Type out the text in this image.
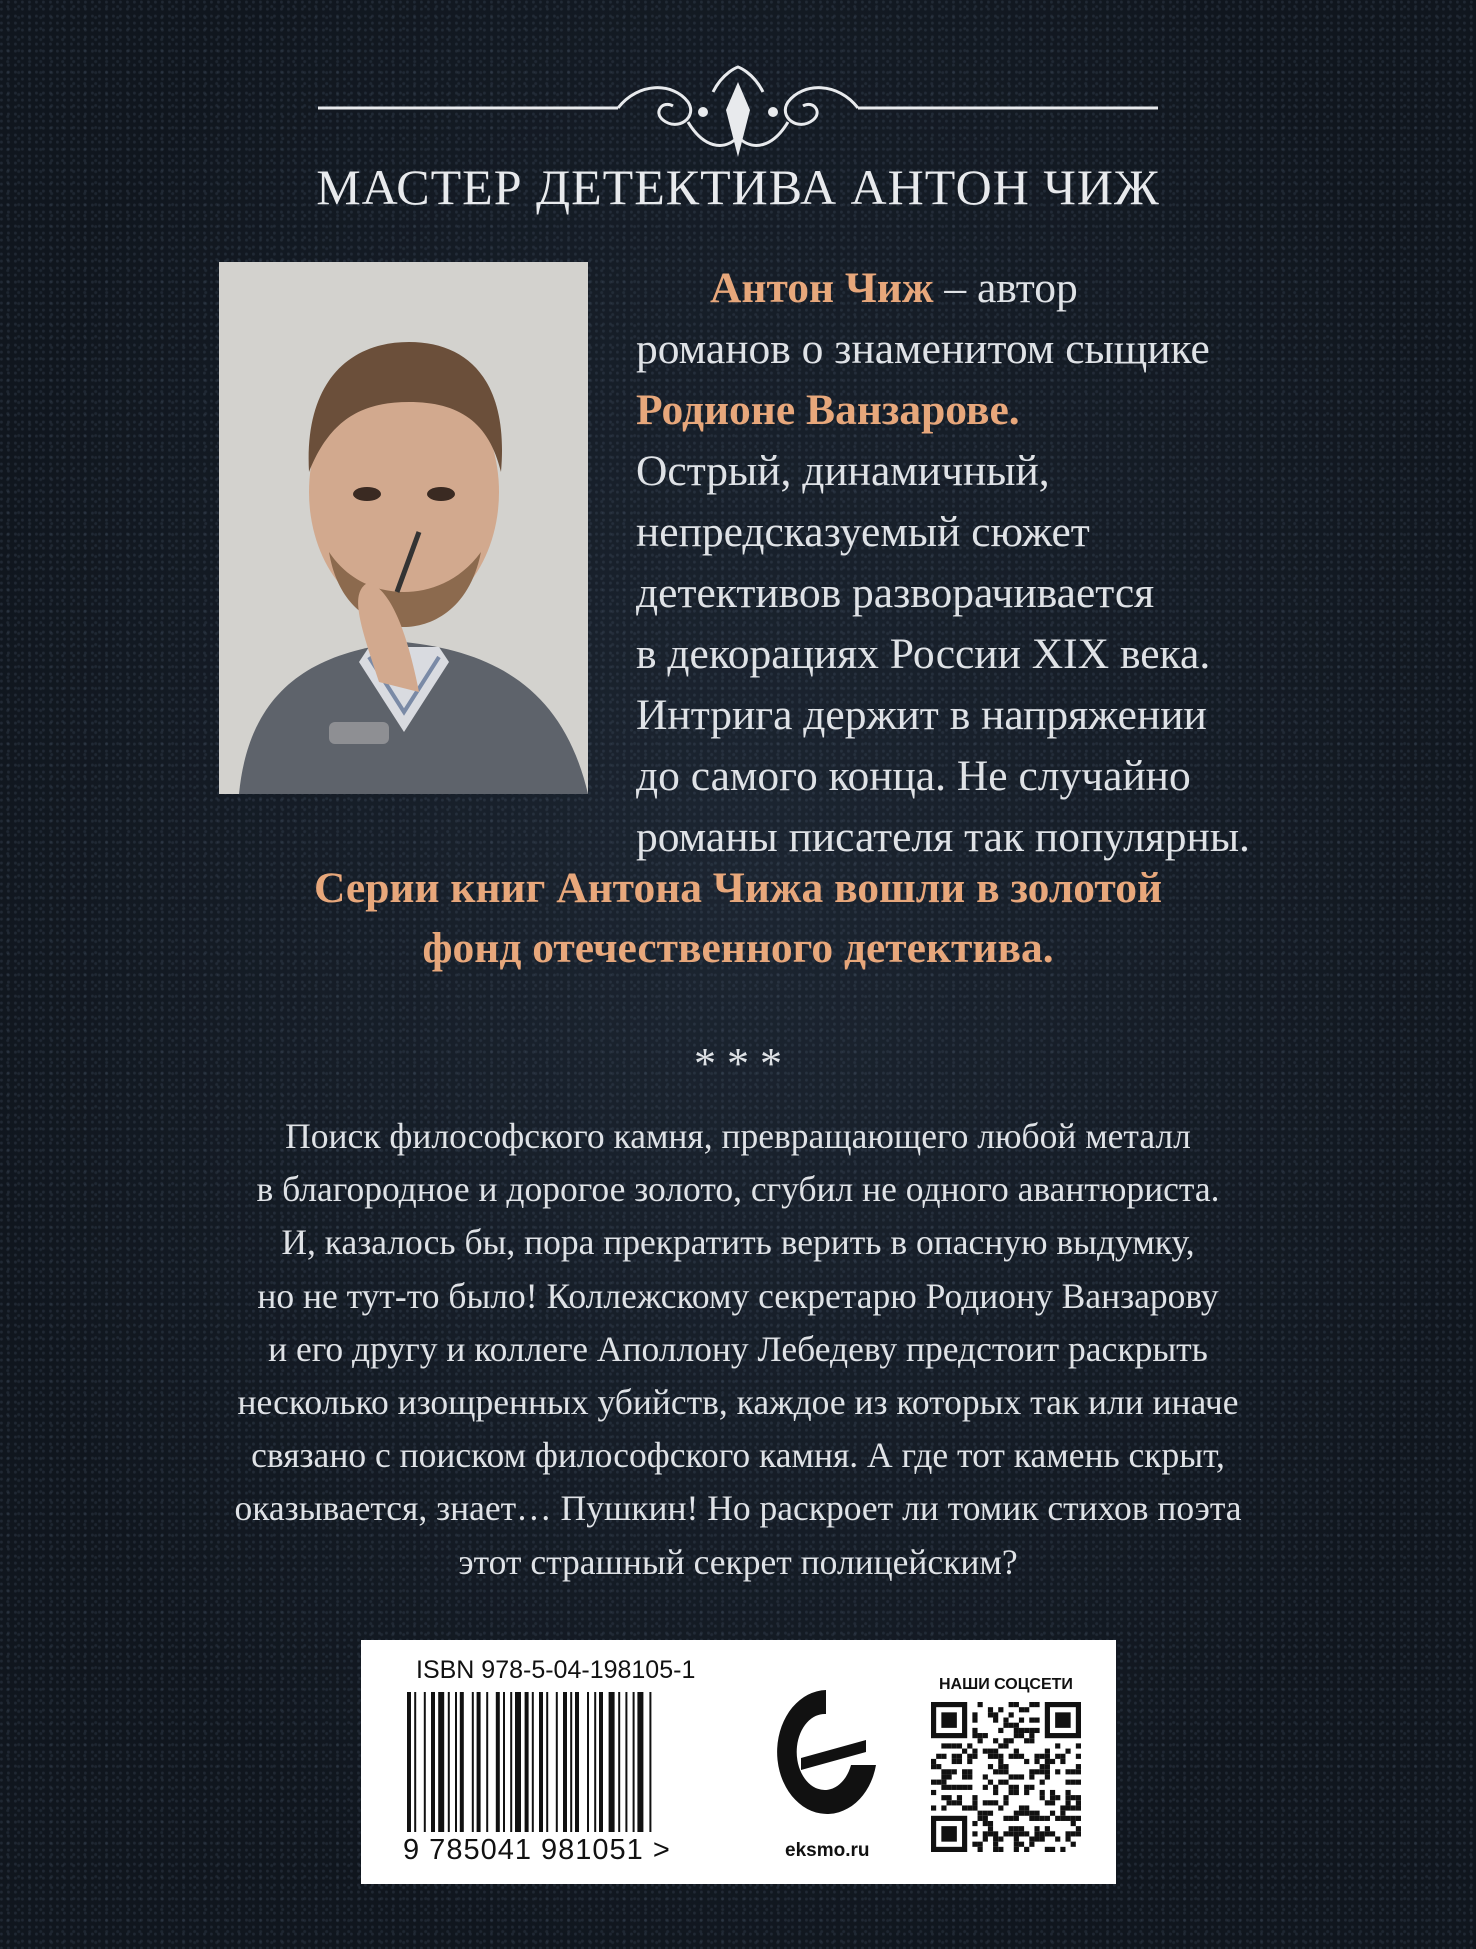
МАСТЕР ДЕТЕКТИВА АНТОН ЧИЖ
Антон Чиж – автор
романов о знаменитом сыщике
Родионе Ванзарове.
Острый, динамичный,
непредсказуемый сюжет
детективов разворачивается
в декорациях России XIX века.
Интрига держит в напряжении
до самого конца. Не случайно
романы писателя так популярны.
Серии книг Антона Чижа вошли в золотой
фонд отечественного детектива.
* * *
Поиск философского камня, превращающего любой металл
в благородное и дорогое золото, сгубил не одного авантюриста.
И, казалось бы, пора прекратить верить в опасную выдумку,
но не тут-то было! Коллежскому секретарю Родиону Ванзарову
и его другу и коллеге Аполлону Лебедеву предстоит раскрыть
несколько изощренных убийств, каждое из которых так или иначе
связано с поиском философского камня. А где тот камень скрыт,
оказывается, знает… Пушкин! Но раскроет ли томик стихов поэта
этот страшный секрет полицейским?
ISBN 978-5-04-198105-1
9 785041 981051 >	eksmo.ru
НАШИ СОЦСЕТИ
